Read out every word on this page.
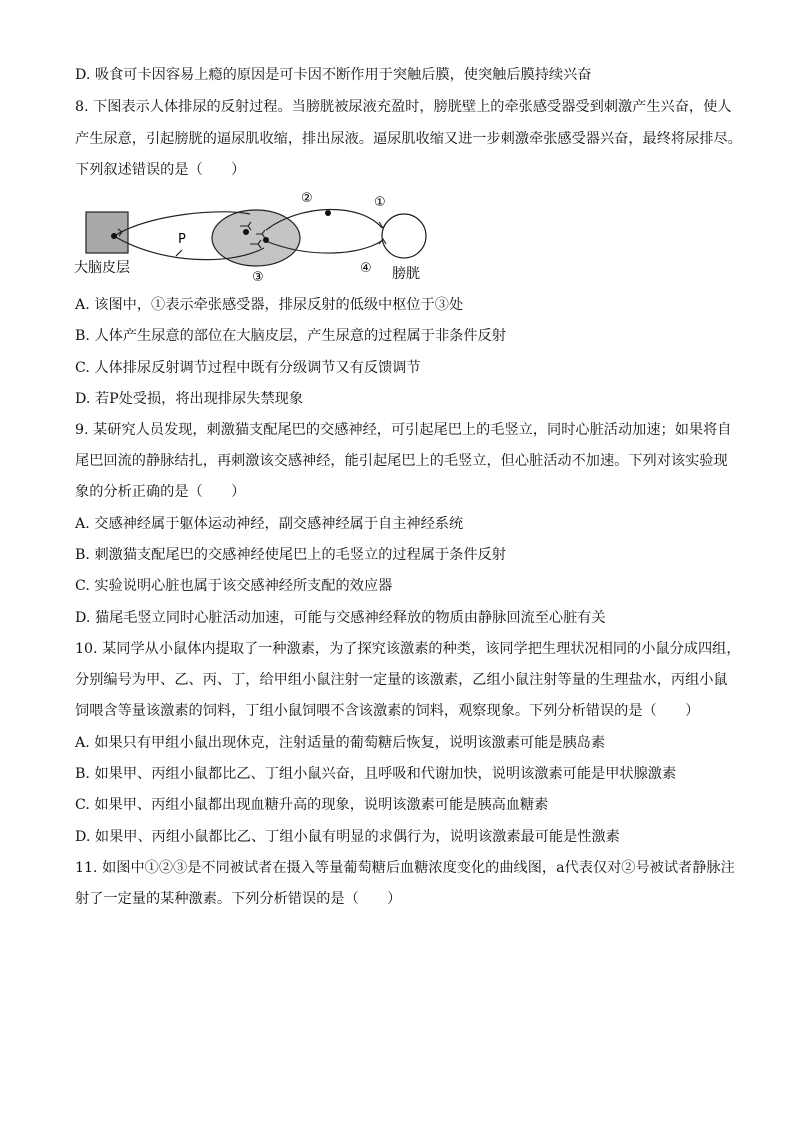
D. 吸食可卡因容易上瘾的原因是可卡因不断作用于突触后膜，使突触后膜持续兴奋
8. 下图表示人体排尿的反射过程。当膀胱被尿液充盈时，膀胱壁上的牵张感受器受到刺激产生兴奋，使人
产生尿意，引起膀胱的逼尿肌收缩，排出尿液。逼尿肌收缩又进一步刺激牵张感受器兴奋，最终将尿排尽。
下列叙述错误的是（　　）
P
②	①
③
④
大脑皮层	膀胱
A. 该图中，①表示牵张感受器，排尿反射的低级中枢位于③处
B. 人体产生尿意的部位在大脑皮层，产生尿意的过程属于非条件反射
C. 人体排尿反射调节过程中既有分级调节又有反馈调节
D. 若P处受损，将出现排尿失禁现象
9. 某研究人员发现，刺激猫支配尾巴的交感神经，可引起尾巴上的毛竖立，同时心脏活动加速；如果将自
尾巴回流的静脉结扎，再刺激该交感神经，能引起尾巴上的毛竖立，但心脏活动不加速。下列对该实验现
象的分析正确的是（　　）
A. 交感神经属于躯体运动神经，副交感神经属于自主神经系统
B. 刺激猫支配尾巴的交感神经使尾巴上的毛竖立的过程属于条件反射
C. 实验说明心脏也属于该交感神经所支配的效应器
D. 猫尾毛竖立同时心脏活动加速，可能与交感神经释放的物质由静脉回流至心脏有关
10. 某同学从小鼠体内提取了一种激素，为了探究该激素的种类，该同学把生理状况相同的小鼠分成四组，
分别编号为甲、乙、丙、丁，给甲组小鼠注射一定量的该激素，乙组小鼠注射等量的生理盐水，丙组小鼠
饲喂含等量该激素的饲料，丁组小鼠饲喂不含该激素的饲料，观察现象。下列分析错误的是（　　）
A. 如果只有甲组小鼠出现休克，注射适量的葡萄糖后恢复，说明该激素可能是胰岛素
B. 如果甲、丙组小鼠都比乙、丁组小鼠兴奋，且呼吸和代谢加快，说明该激素可能是甲状腺激素
C. 如果甲、丙组小鼠都出现血糖升高的现象，说明该激素可能是胰高血糖素
D. 如果甲、丙组小鼠都比乙、丁组小鼠有明显的求偶行为，说明该激素最可能是性激素
11. 如图中①②③是不同被试者在摄入等量葡萄糖后血糖浓度变化的曲线图，a代表仅对②号被试者静脉注
射了一定量的某种激素。下列分析错误的是（　　）
